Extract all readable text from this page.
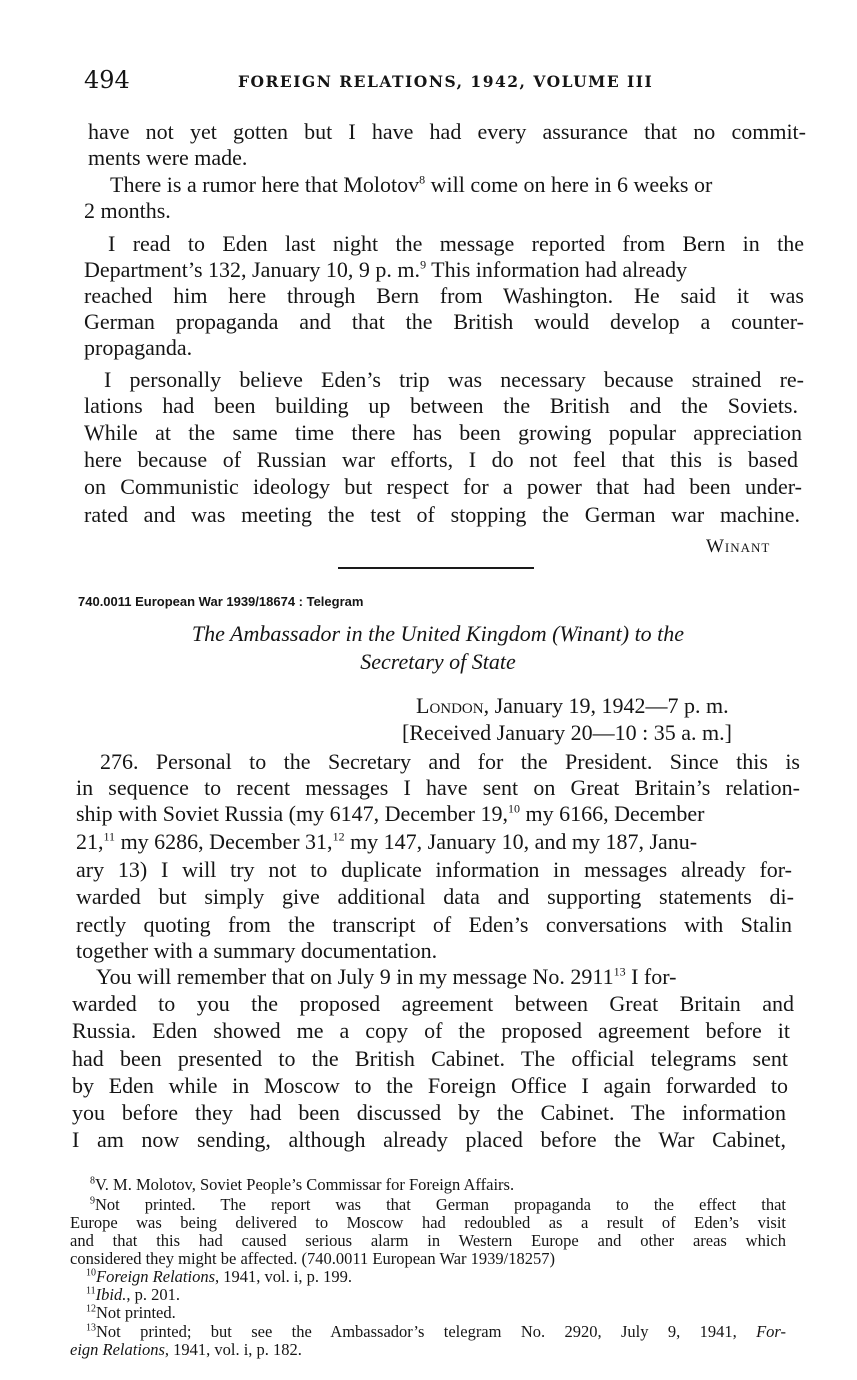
494	FOREIGN RELATIONS, 1942, VOLUME III
have not yet gotten but I have had every assurance that no commit-
ments were made.
There is a rumor here that Molotov$^8$ will come on here in 6 weeks or
2 months.
I read to Eden last night the message reported from Bern in the
Department’s 132, January 10, 9 p. m.$^9$ This information had already
reached him here through Bern from Washington. He said it was
German propaganda and that the British would develop a counter-
propaganda.
I personally believe Eden’s trip was necessary because strained re-
lations had been building up between the British and the Soviets.
While at the same time there has been growing popular appreciation
here because of Russian war efforts, I do not feel that this is based
on Communistic ideology but respect for a power that had been under-
rated and was meeting the test of stopping the German war machine.
Winant
740.0011 European War 1939/18674 : Telegram
The Ambassador in the United Kingdom (Winant) to the
Secretary of State
London, January 19, 1942—7 p. m.
[Received January 20—10 : 35 a. m.]
276. Personal to the Secretary and for the President. Since this is
in sequence to recent messages I have sent on Great Britain’s relation-
ship with Soviet Russia (my 6147, December 19,10 my 6166, December
21,11 my 6286, December 31,12 my 147, January 10, and my 187, Janu-
ary 13) I will try not to duplicate information in messages already for-
warded but simply give additional data and supporting statements di-
rectly quoting from the transcript of Eden’s conversations with Stalin
together with a summary documentation.
You will remember that on July 9 in my message No. 2911$^{13}$ I for-
warded to you the proposed agreement between Great Britain and
Russia. Eden showed me a copy of the proposed agreement before it
had been presented to the British Cabinet. The official telegrams sent
by Eden while in Moscow to the Foreign Office I again forwarded to
you before they had been discussed by the Cabinet. The information
I am now sending, although already placed before the War Cabinet,
$^8$V. M. Molotov, Soviet People’s Commissar for Foreign Affairs.
$^9$Not printed. The report was that German propaganda to the effect that
Europe was being delivered to Moscow had redoubled as a result of Eden’s visit
and that this had caused serious alarm in Western Europe and other areas which
considered they might be affected. (740.0011 European War 1939/18257)
$^{10}$Foreign Relations, 1941, vol. i, p. 199.
$^{11}$Ibid., p. 201.
$^{12}$Not printed.
$^{13}$Not printed; but see the Ambassador’s telegram No. 2920, July 9, 1941, For-
eign Relations, 1941, vol. i, p. 182.
